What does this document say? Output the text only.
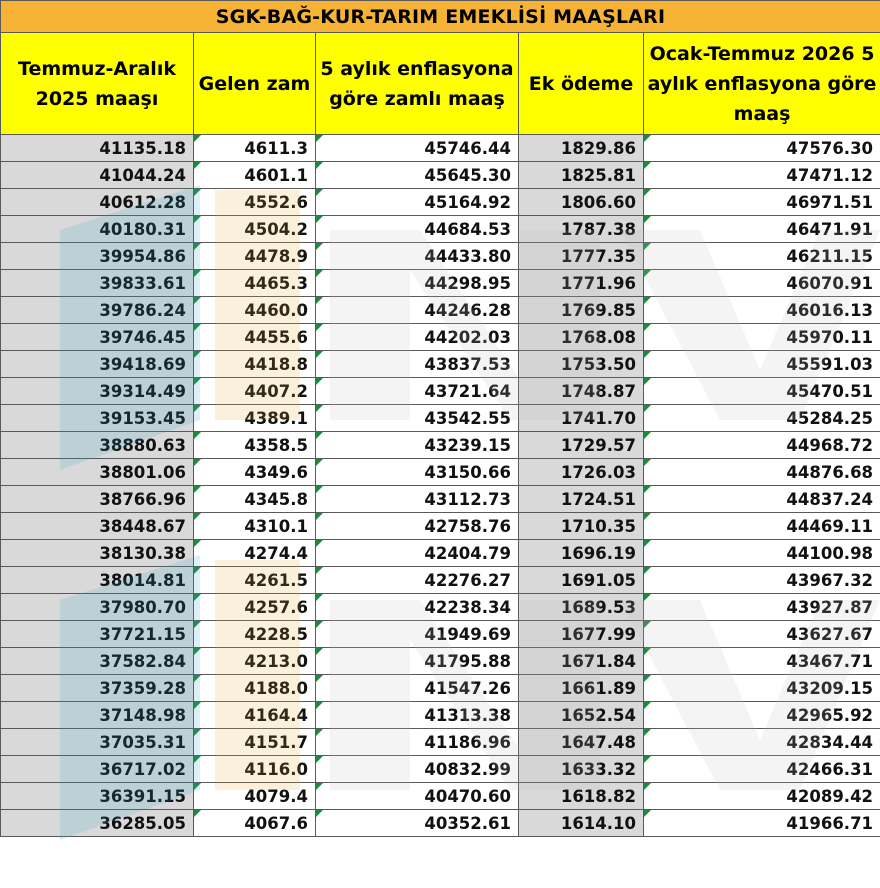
SGK-BAĞ-KUR-TARIM EMEKLİSİ MAAŞLARI				
Temmuz-Aralık 2025 maaşı	Gelen zam	5 aylık enflasyona göre zamlı maaş	Ek ödeme	Ocak-Temmuz 2026 5 aylık enflasyona göre maaş
41135.18	4611.3	45746.44	1829.86	47576.30
41044.24	4601.1	45645.30	1825.81	47471.12
40612.28	4552.6	45164.92	1806.60	46971.51
40180.31	4504.2	44684.53	1787.38	46471.91
39954.86	4478.9	44433.80	1777.35	46211.15
39833.61	4465.3	44298.95	1771.96	46070.91
39786.24	4460.0	44246.28	1769.85	46016.13
39746.45	4455.6	44202.03	1768.08	45970.11
39418.69	4418.8	43837.53	1753.50	45591.03
39314.49	4407.2	43721.64	1748.87	45470.51
39153.45	4389.1	43542.55	1741.70	45284.25
38880.63	4358.5	43239.15	1729.57	44968.72
38801.06	4349.6	43150.66	1726.03	44876.68
38766.96	4345.8	43112.73	1724.51	44837.24
38448.67	4310.1	42758.76	1710.35	44469.11
38130.38	4274.4	42404.79	1696.19	44100.98
38014.81	4261.5	42276.27	1691.05	43967.32
37980.70	4257.6	42238.34	1689.53	43927.87
37721.15	4228.5	41949.69	1677.99	43627.67
37582.84	4213.0	41795.88	1671.84	43467.71
37359.28	4188.0	41547.26	1661.89	43209.15
37148.98	4164.4	41313.38	1652.54	42965.92
37035.31	4151.7	41186.96	1647.48	42834.44
36717.02	4116.0	40832.99	1633.32	42466.31
36391.15	4079.4	40470.60	1618.82	42089.42
36285.05	4067.6	40352.61	1614.10	41966.71
